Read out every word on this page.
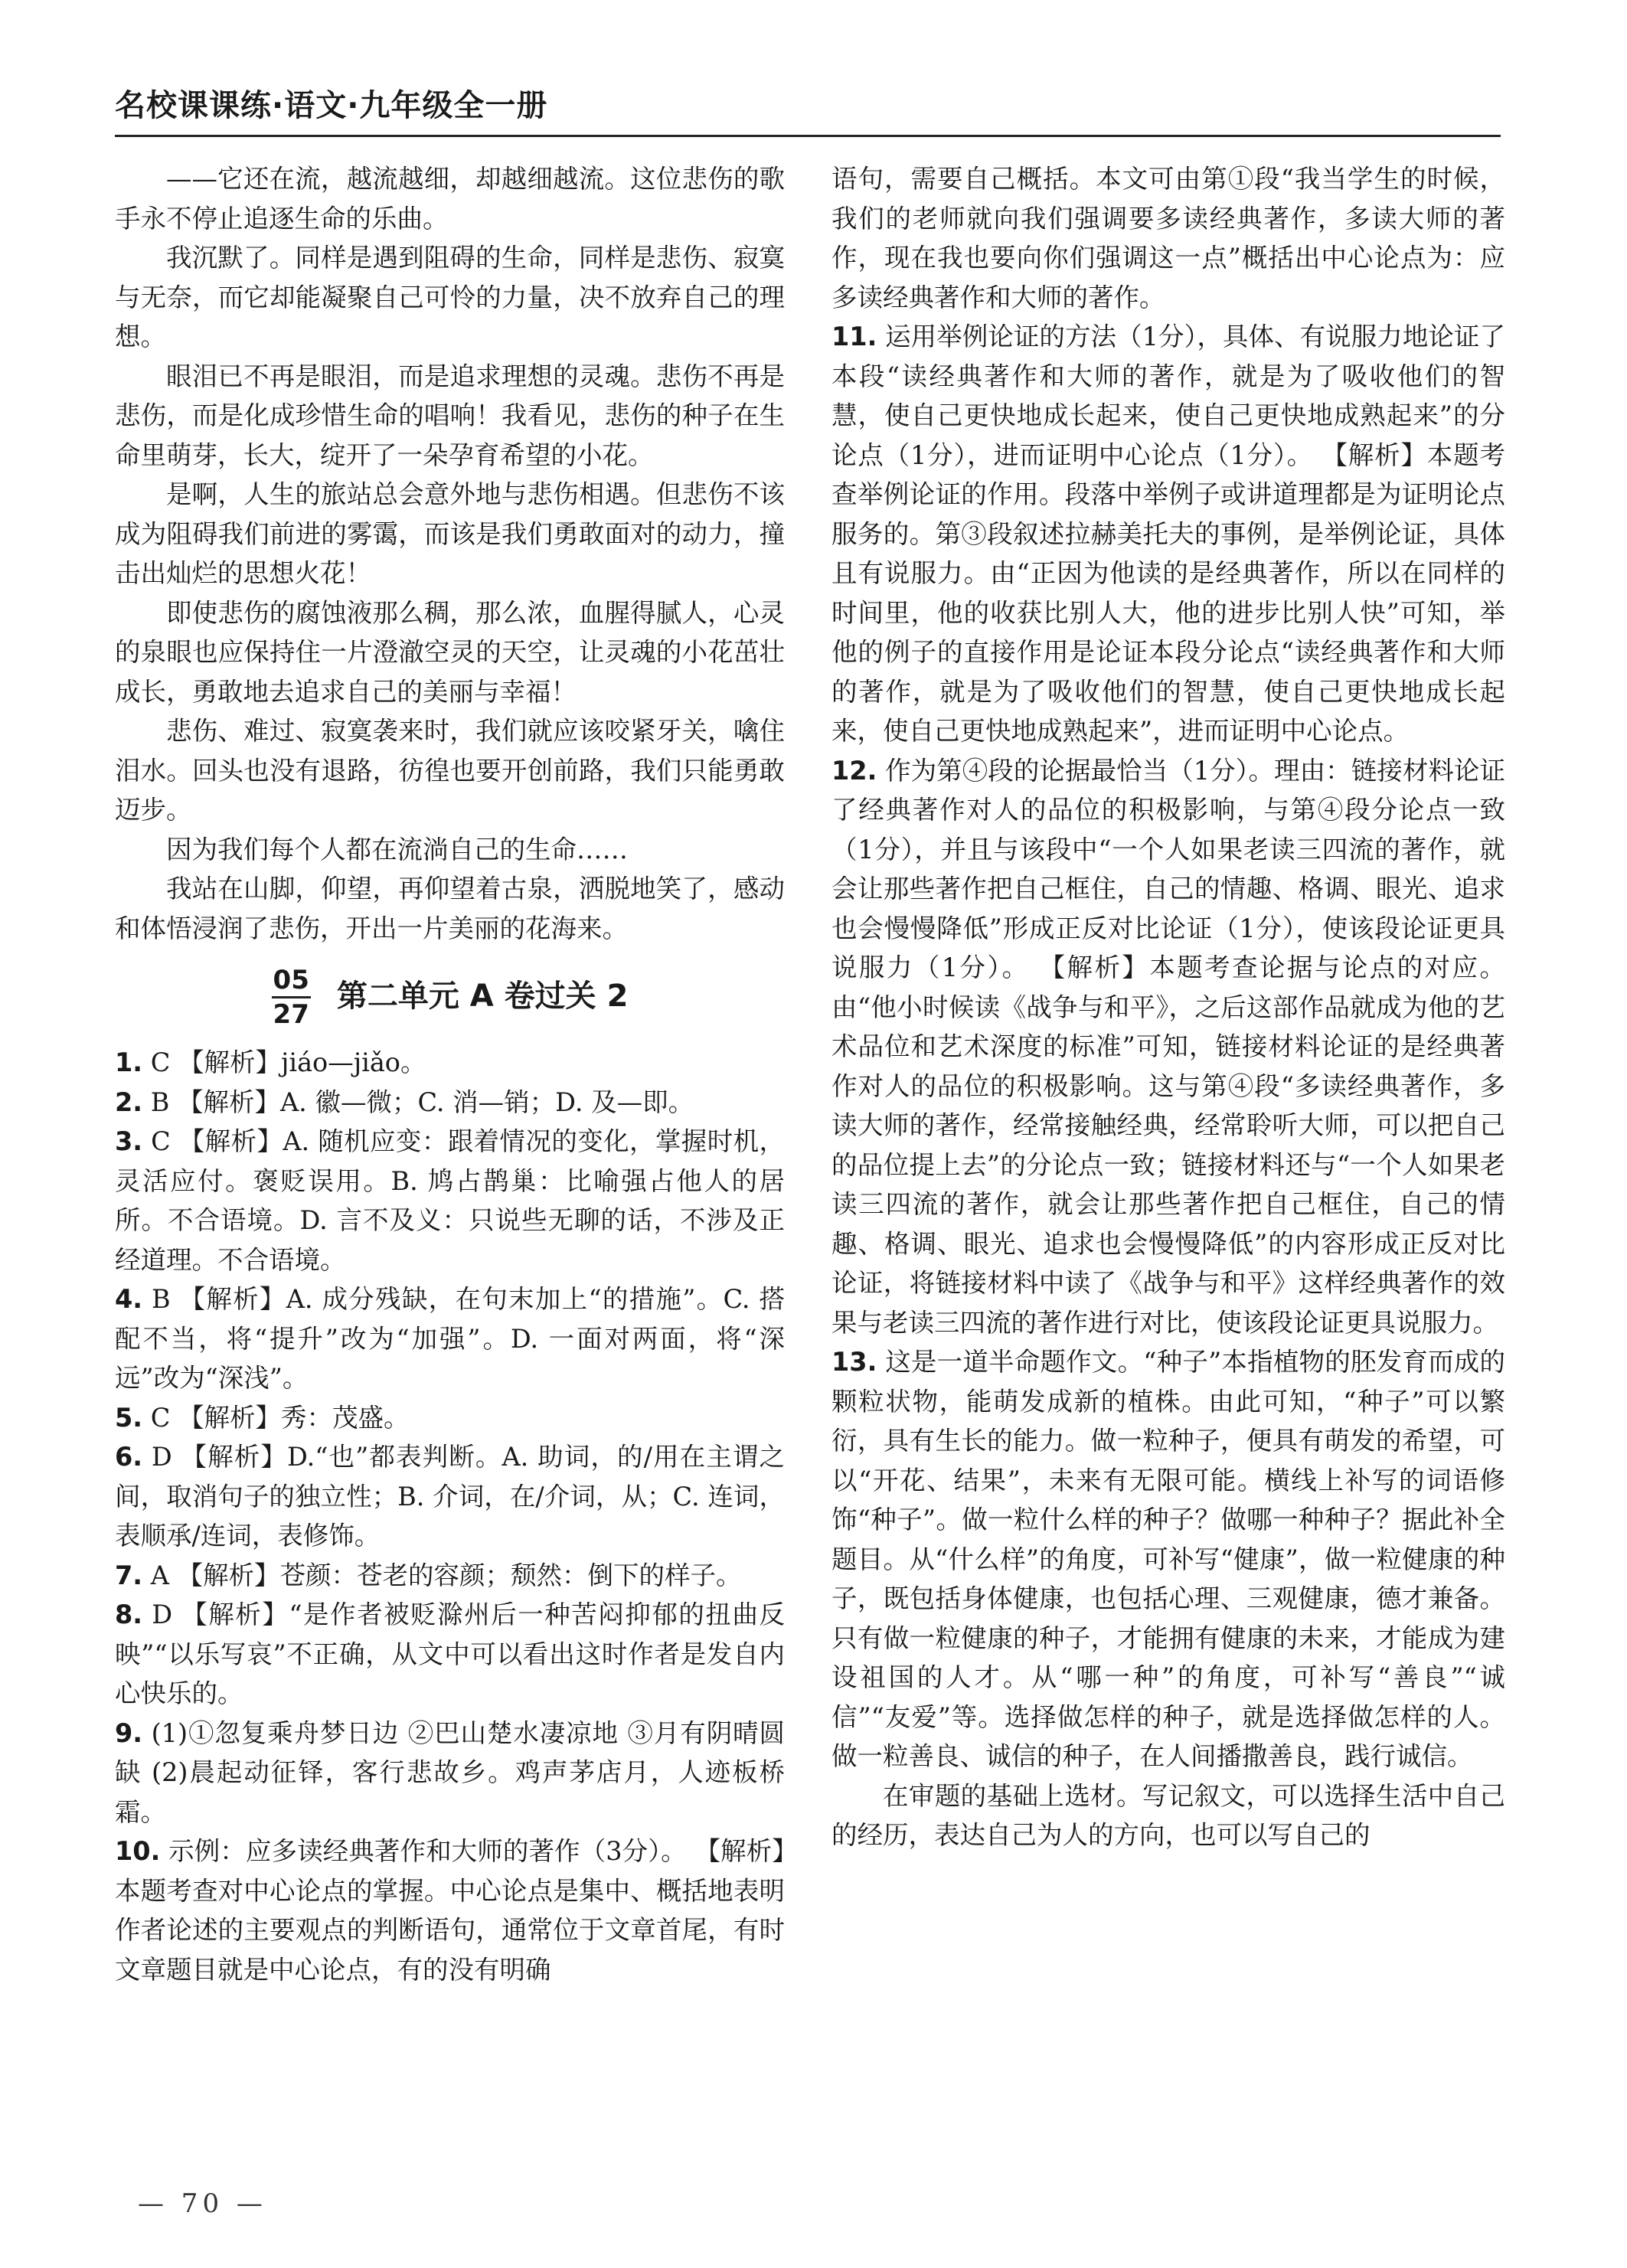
名校课课练·语文·九年级全一册

——它还在流，越流越细，却越细越流。这位悲伤的歌手永不停止追逐生命的乐曲。

我沉默了。同样是遇到阻碍的生命，同样是悲伤、寂寞与无奈，而它却能凝聚自己可怜的力量，决不放弃自己的理想。

眼泪已不再是眼泪，而是追求理想的灵魂。悲伤不再是悲伤，而是化成珍惜生命的唱响！我看见，悲伤的种子在生命里萌芽，长大，绽开了一朵孕育希望的小花。

是啊，人生的旅站总会意外地与悲伤相遇。但悲伤不该成为阻碍我们前进的雾霭，而该是我们勇敢面对的动力，撞击出灿烂的思想火花！

即使悲伤的腐蚀液那么稠，那么浓，血腥得腻人，心灵的泉眼也应保持住一片澄澈空灵的天空，让灵魂的小花茁壮成长，勇敢地去追求自己的美丽与幸福！

悲伤、难过、寂寞袭来时，我们就应该咬紧牙关，噙住泪水。回头也没有退路，彷徨也要开创前路，我们只能勇敢迈步。

因为我们每个人都在流淌自己的生命……

我站在山脚，仰望，再仰望着古泉，洒脱地笑了，感动和体悟浸润了悲伤，开出一片美丽的花海来。

$\frac{05}{27}$ 第二单元 A 卷过关 2

1. C 【解析】jiáo—jiǎo。

2. B 【解析】A. 徽—微；C. 消—销；D. 及—即。

3. C 【解析】A. 随机应变：跟着情况的变化，掌握时机，灵活应付。褒贬误用。B. 鸠占鹊巢：比喻强占他人的居所。不合语境。D. 言不及义：只说些无聊的话，不涉及正经道理。不合语境。

4. B 【解析】A. 成分残缺，在句末加上“的措施”。C. 搭配不当，将“提升”改为“加强”。D. 一面对两面，将“深远”改为“深浅”。

5. C 【解析】秀：茂盛。

6. D 【解析】D.“也”都表判断。A. 助词，的/用在主谓之间，取消句子的独立性；B. 介词，在/介词，从；C. 连词，表顺承/连词，表修饰。

7. A 【解析】苍颜：苍老的容颜；颓然：倒下的样子。

8. D 【解析】“是作者被贬滁州后一种苦闷抑郁的扭曲反映”“以乐写哀”不正确，从文中可以看出这时作者是发自内心快乐的。

9. (1)①忽复乘舟梦日边 ②巴山楚水凄凉地 ③月有阴晴圆缺 (2)晨起动征铎，客行悲故乡。鸡声茅店月，人迹板桥霜。

10. 示例：应多读经典著作和大师的著作（3分）。 【解析】本题考查对中心论点的掌握。中心论点是集中、概括地表明作者论述的主要观点的判断语句，通常位于文章首尾，有时文章题目就是中心论点，有的没有明确

语句，需要自己概括。本文可由第①段“我当学生的时候，我们的老师就向我们强调要多读经典著作，多读大师的著作，现在我也要向你们强调这一点”概括出中心论点为：应多读经典著作和大师的著作。

11. 运用举例论证的方法（1分），具体、有说服力地论证了本段“读经典著作和大师的著作，就是为了吸收他们的智慧，使自己更快地成长起来，使自己更快地成熟起来”的分论点（1分），进而证明中心论点（1分）。 【解析】本题考查举例论证的作用。段落中举例子或讲道理都是为证明论点服务的。第③段叙述拉赫美托夫的事例，是举例论证，具体且有说服力。由“正因为他读的是经典著作，所以在同样的时间里，他的收获比别人大，他的进步比别人快”可知，举他的例子的直接作用是论证本段分论点“读经典著作和大师的著作，就是为了吸收他们的智慧，使自己更快地成长起来，使自己更快地成熟起来”，进而证明中心论点。

12. 作为第④段的论据最恰当（1分）。理由：链接材料论证了经典著作对人的品位的积极影响，与第④段分论点一致（1分），并且与该段中“一个人如果老读三四流的著作，就会让那些著作把自己框住，自己的情趣、格调、眼光、追求也会慢慢降低”形成正反对比论证（1分），使该段论证更具说服力（1分）。 【解析】本题考查论据与论点的对应。由“他小时候读《战争与和平》，之后这部作品就成为他的艺术品位和艺术深度的标准”可知，链接材料论证的是经典著作对人的品位的积极影响。这与第④段“多读经典著作，多读大师的著作，经常接触经典，经常聆听大师，可以把自己的品位提上去”的分论点一致；链接材料还与“一个人如果老读三四流的著作，就会让那些著作把自己框住，自己的情趣、格调、眼光、追求也会慢慢降低”的内容形成正反对比论证，将链接材料中读了《战争与和平》这样经典著作的效果与老读三四流的著作进行对比，使该段论证更具说服力。

13. 这是一道半命题作文。“种子”本指植物的胚发育而成的颗粒状物，能萌发成新的植株。由此可知，“种子”可以繁衍，具有生长的能力。做一粒种子，便具有萌发的希望，可以“开花、结果”，未来有无限可能。横线上补写的词语修饰“种子”。做一粒什么样的种子？做哪一种种子？据此补全题目。从“什么样”的角度，可补写“健康”，做一粒健康的种子，既包括身体健康，也包括心理、三观健康，德才兼备。只有做一粒健康的种子，才能拥有健康的未来，才能成为建设祖国的人才。从“哪一种”的角度，可补写“善良”“诚信”“友爱”等。选择做怎样的种子，就是选择做怎样的人。做一粒善良、诚信的种子，在人间播撒善良，践行诚信。

在审题的基础上选材。写记叙文，可以选择生活中自己的经历，表达自己为人的方向，也可以写自己的

— 70 —
